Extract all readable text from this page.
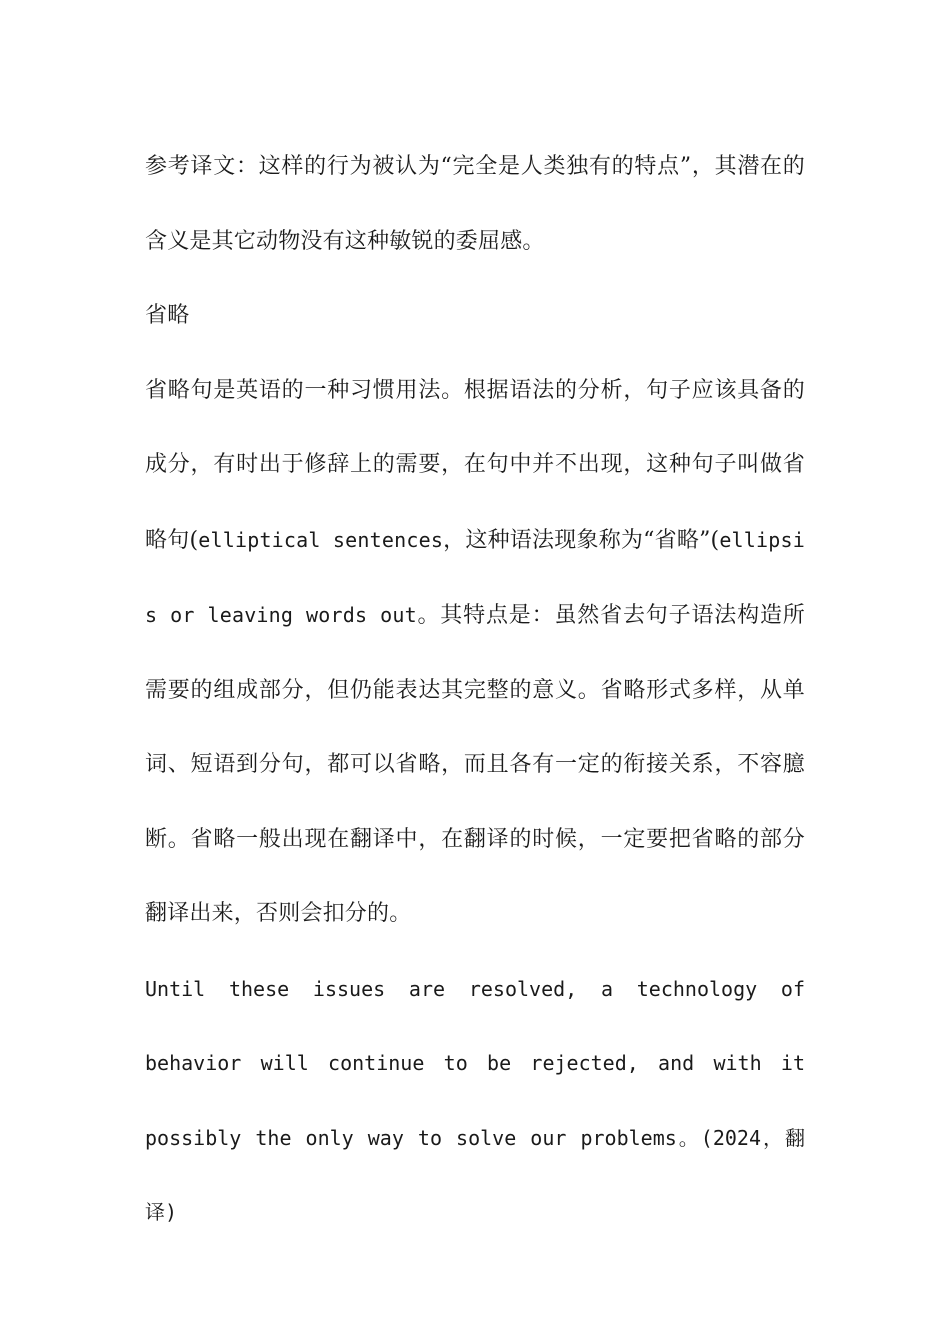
参考译文：这样的行为被认为“完全是人类独有的特点”，其潜在的含义是其它动物没有这种敏锐的委屈感。

省略

省略句是英语的一种习惯用法。根据语法的分析，句子应该具备的成分，有时出于修辞上的需要，在句中并不出现，这种句子叫做省略句(elliptical sentences，这种语法现象称为“省略”(ellipsis or leaving words out。其特点是：虽然省去句子语法构造所需要的组成部分，但仍能表达其完整的意义。省略形式多样，从单词、短语到分句，都可以省略，而且各有一定的衔接关系，不容臆断。省略一般出现在翻译中，在翻译的时候，一定要把省略的部分翻译出来，否则会扣分的。

Until these issues are resolved, a technology of behavior will continue to be rejected, and with it possibly the only way to solve our problems。(2024，翻译)
